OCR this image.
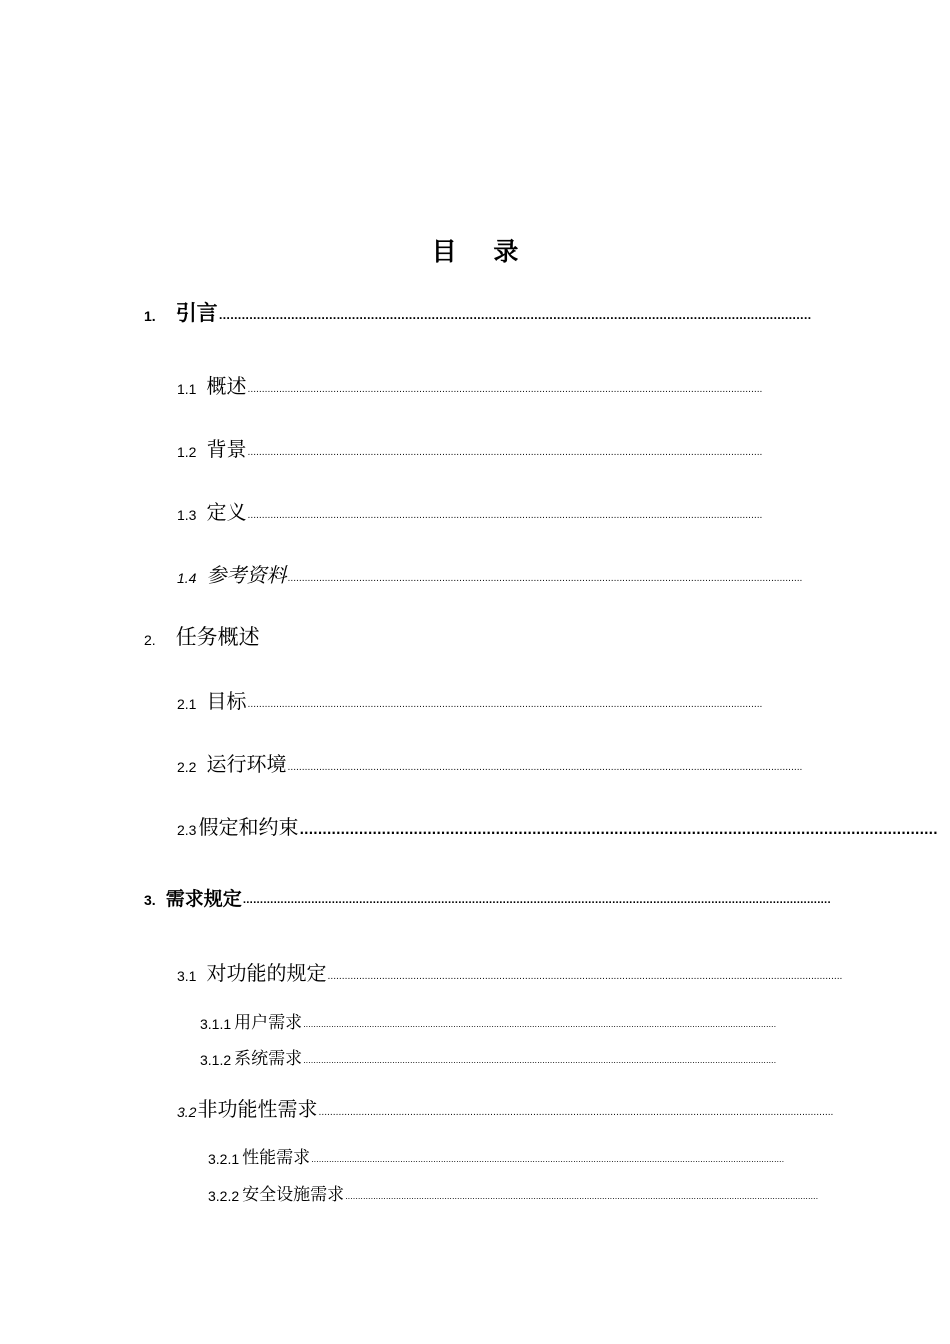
目 录
1. 引言 ............................................................................................................................................................
1.1 概述 ....................................................................................................................................................................................
1.2 背景 ....................................................................................................................................................................................
1.3 定义 ....................................................................................................................................................................................
1.4 参考资料 ....................................................................................................................................................................................
2. 任务概述
2.1 目标 ....................................................................................................................................................................................
2.2 运行环境 ....................................................................................................................................................................................
2.3 假定和约束 ............................................................................................................................................
3. 需求规定 ............................................................................................................................................................................
3.1 对功能的规定 ....................................................................................................................................................................................
3.1.1 用户需求 ..........................................................................................................................................................................................
3.1.2 系统需求 ..........................................................................................................................................................................................
3.2 非功能性需求 ....................................................................................................................................................................................
3.2.1 性能需求 ..........................................................................................................................................................................................
3.2.2 安全设施需求 ..........................................................................................................................................................................................
